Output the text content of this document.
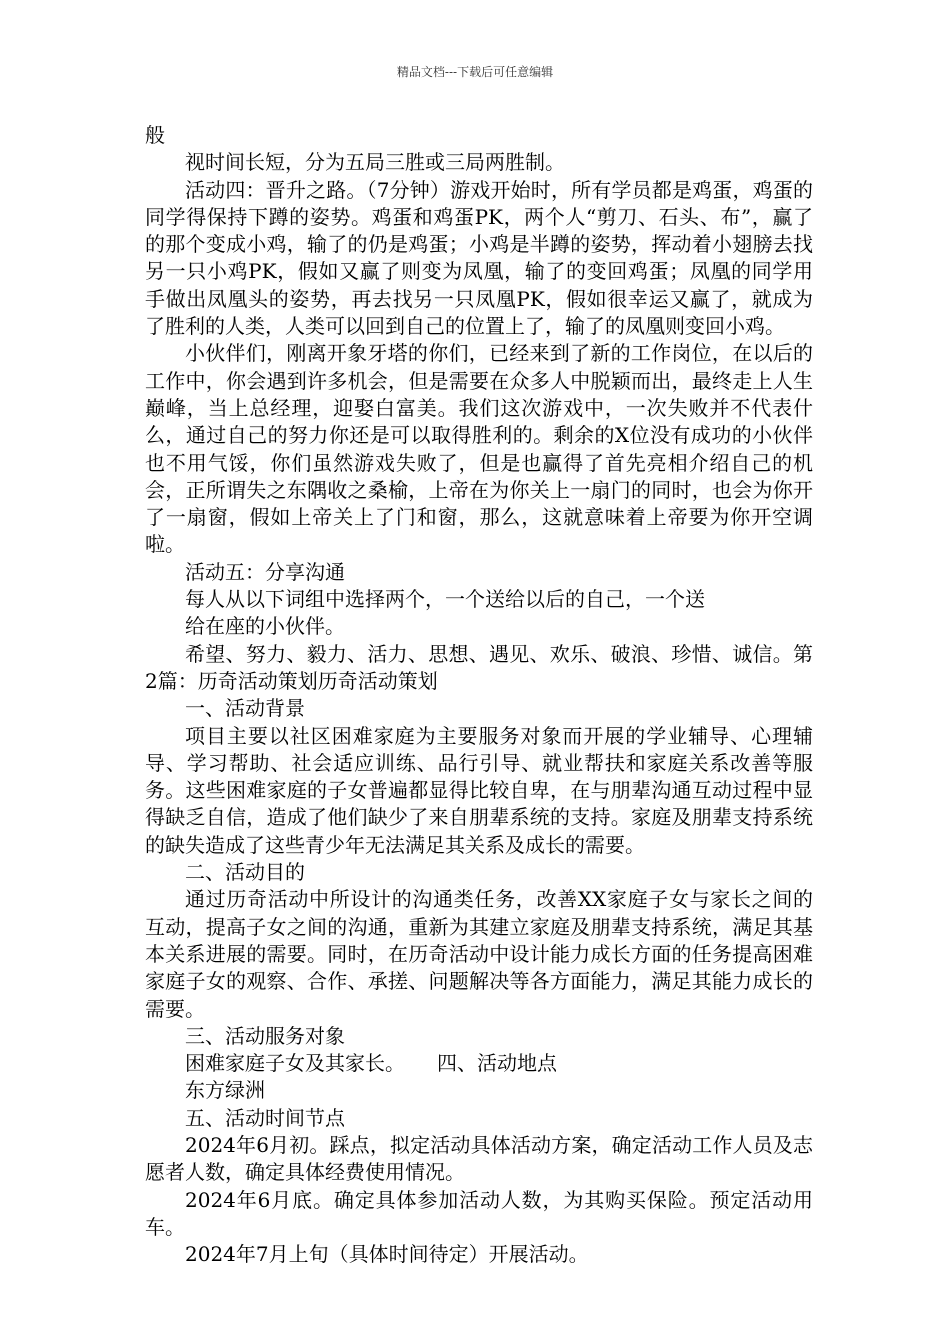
精品文档---下载后可任意编辑

般

视时间长短，分为五局三胜或三局两胜制。

活动四：晋升之路。（7分钟）游戏开始时，所有学员都是鸡蛋，鸡蛋的同学得保持下蹲的姿势。鸡蛋和鸡蛋PK，两个人“剪刀、石头、布”，赢了的那个变成小鸡，输了的仍是鸡蛋；小鸡是半蹲的姿势，挥动着小翅膀去找另一只小鸡PK，假如又赢了则变为凤凰，输了的变回鸡蛋；凤凰的同学用手做出凤凰头的姿势，再去找另一只凤凰PK，假如很幸运又赢了，就成为了胜利的人类，人类可以回到自己的位置上了，输了的凤凰则变回小鸡。

小伙伴们，刚离开象牙塔的你们，已经来到了新的工作岗位，在以后的工作中，你会遇到许多机会，但是需要在众多人中脱颖而出，最终走上人生巅峰，当上总经理，迎娶白富美。我们这次游戏中，一次失败并不代表什么，通过自己的努力你还是可以取得胜利的。剩余的X位没有成功的小伙伴也不用气馁，你们虽然游戏失败了，但是也赢得了首先亮相介绍自己的机会，正所谓失之东隅收之桑榆，上帝在为你关上一扇门的同时，也会为你开了一扇窗，假如上帝关上了门和窗，那么，这就意味着上帝要为你开空调啦。

活动五：分享沟通

每人从以下词组中选择两个，一个送给以后的自己，一个送

给在座的小伙伴。

希望、努力、毅力、活力、思想、遇见、欢乐、破浪、珍惜、诚信。第2篇：历奇活动策划历奇活动策划

一、活动背景

项目主要以社区困难家庭为主要服务对象而开展的学业辅导、心理辅导、学习帮助、社会适应训练、品行引导、就业帮扶和家庭关系改善等服务。这些困难家庭的子女普遍都显得比较自卑，在与朋辈沟通互动过程中显得缺乏自信，造成了他们缺少了来自朋辈系统的支持。家庭及朋辈支持系统的缺失造成了这些青少年无法满足其关系及成长的需要。

二、活动目的

通过历奇活动中所设计的沟通类任务，改善XX家庭子女与家长之间的互动，提高子女之间的沟通，重新为其建立家庭及朋辈支持系统，满足其基本关系进展的需要。同时，在历奇活动中设计能力成长方面的任务提高困难家庭子女的观察、合作、承搓、问题解决等各方面能力，满足其能力成长的需要。

三、活动服务对象

困难家庭子女及其家长。 四、活动地点

东方绿洲

五、活动时间节点

2024年6月初。踩点，拟定活动具体活动方案，确定活动工作人员及志愿者人数，确定具体经费使用情况。

2024年6月底。确定具体参加活动人数，为其购买保险。预定活动用车。

2024年7月上旬（具体时间待定）开展活动。
